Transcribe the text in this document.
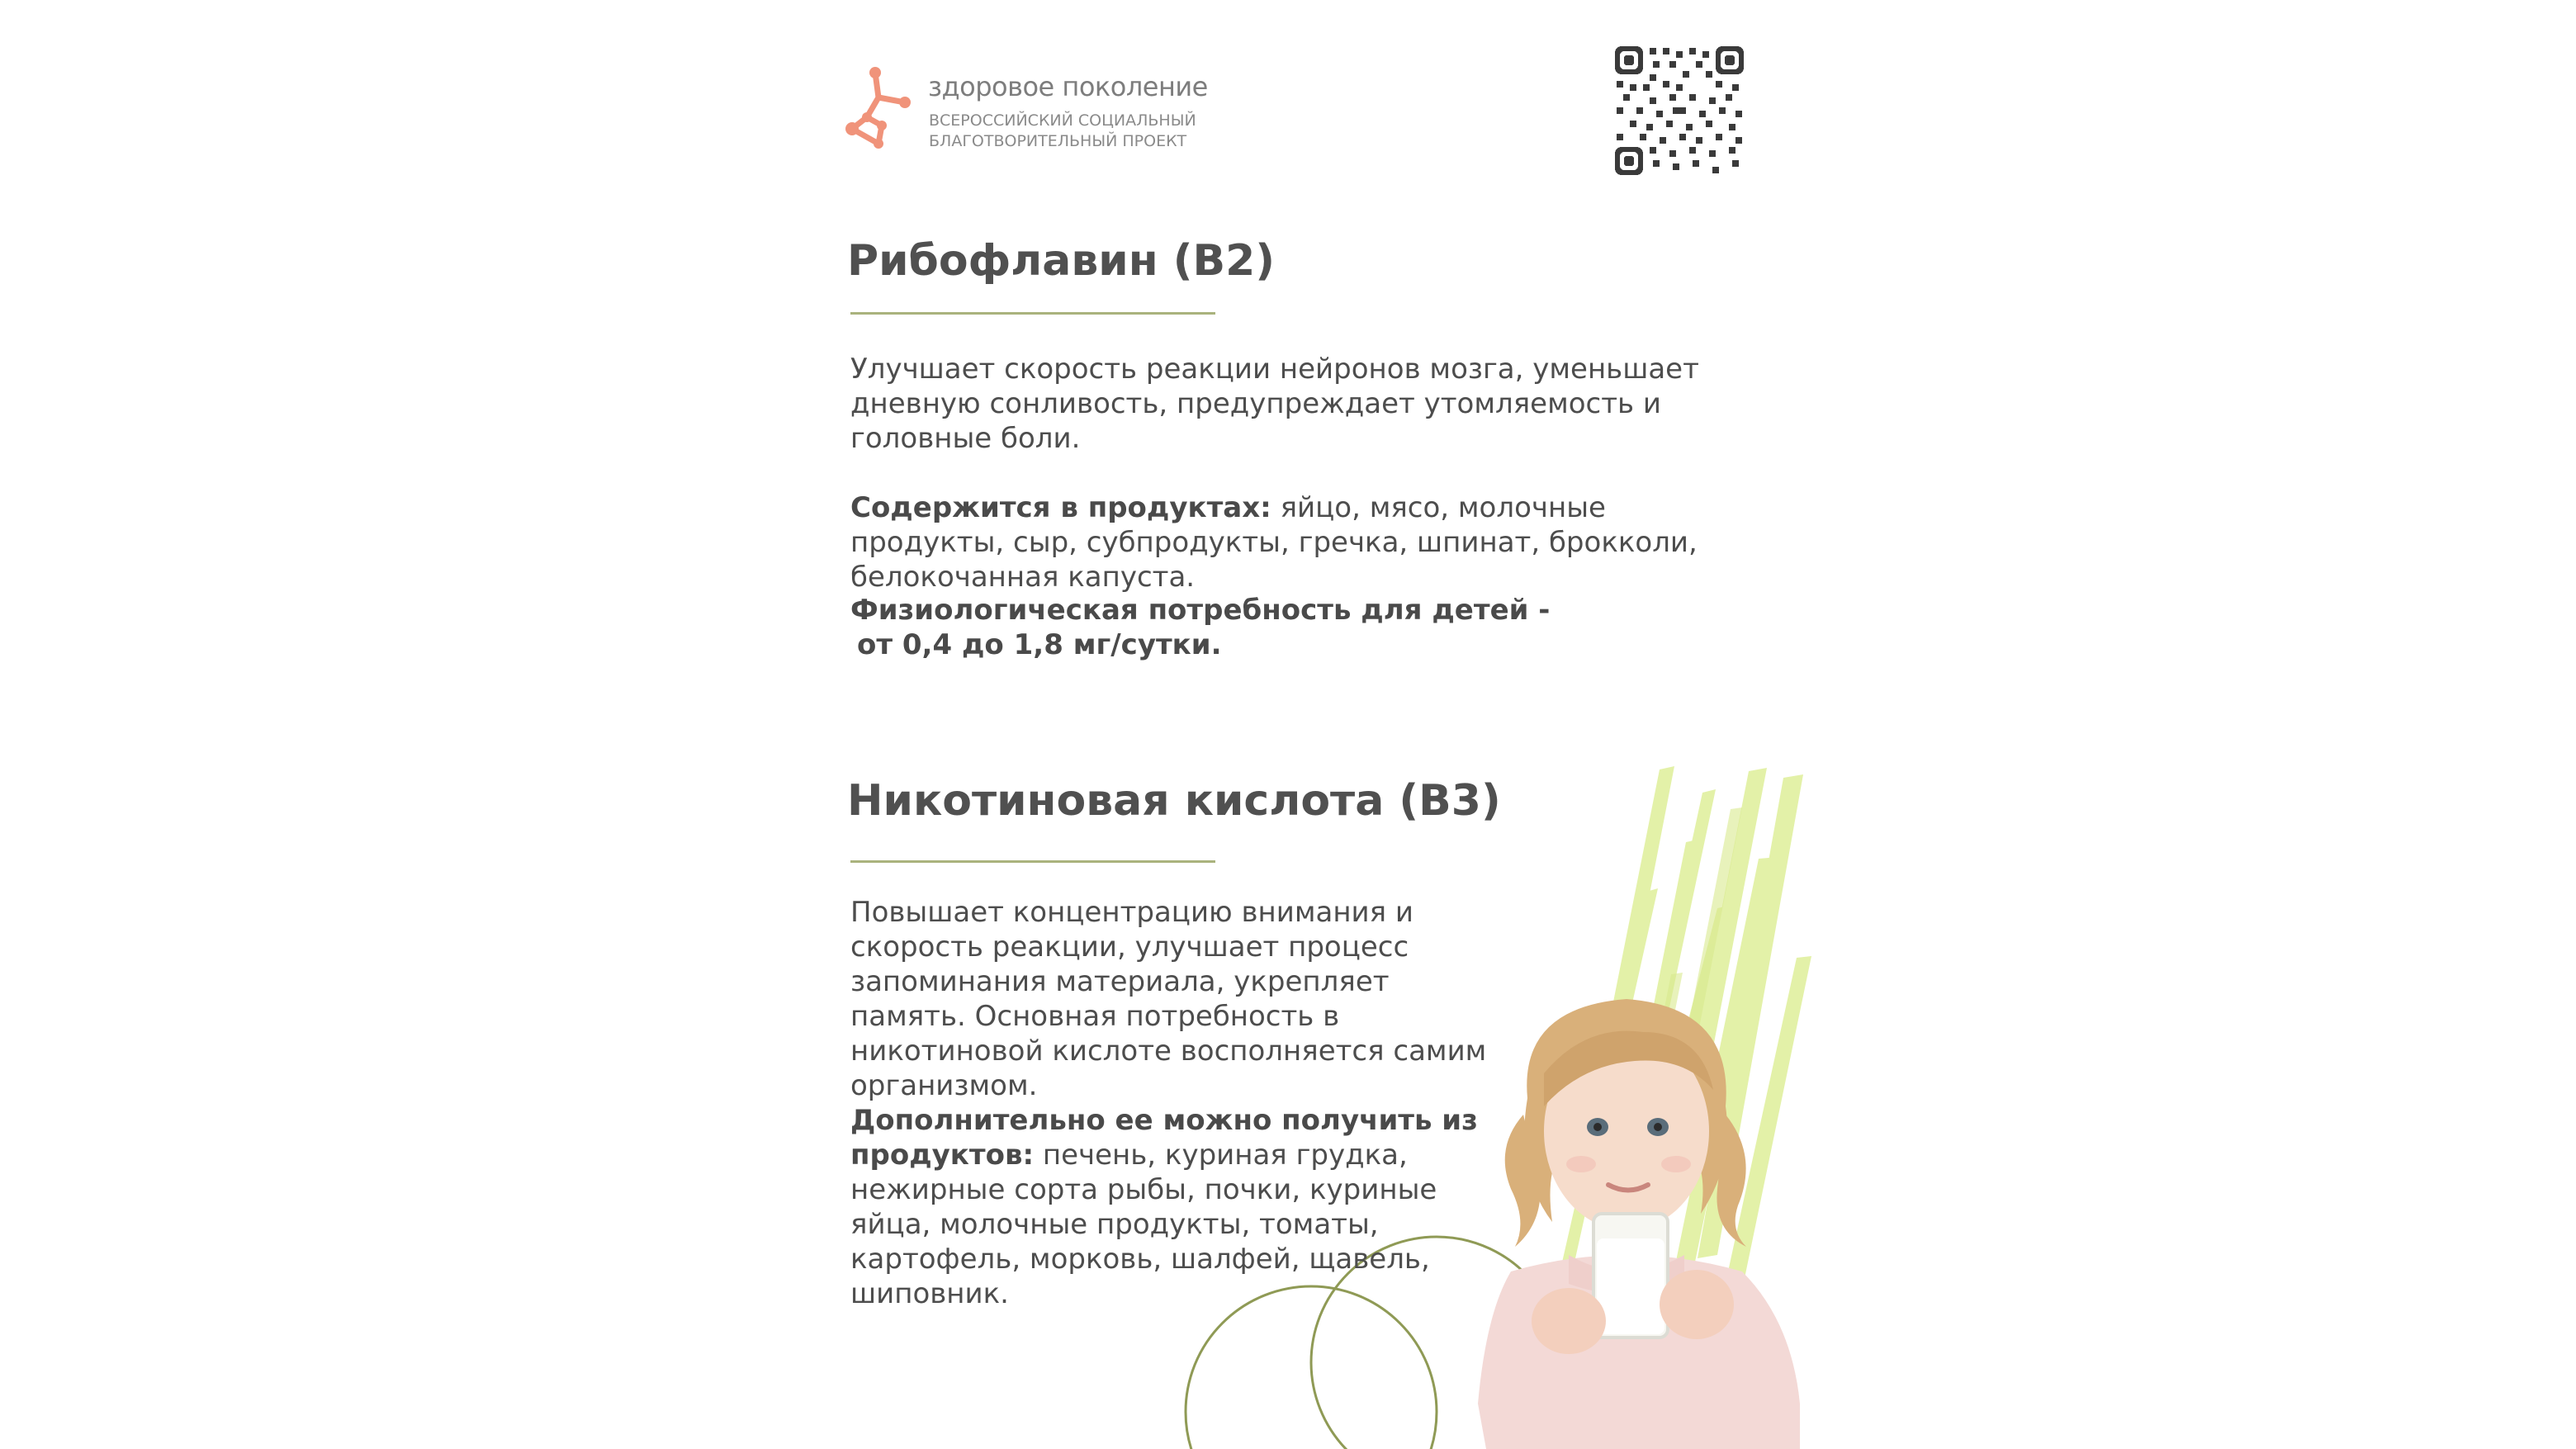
здоровое поколение
ВСЕРОССИЙСКИЙ СОЦИАЛЬНЫЙ
БЛАГОТВОРИТЕЛЬНЫЙ ПРОЕКТ
Рибофлавин (В2)

Улучшает скорость реакции нейронов мозга, уменьшает дневную сонливость, предупреждает утомляемость и головные боли.

Содержится в продуктах: яйцо, мясо, молочные продукты, сыр, субпродукты, гречка, шпинат, брокколи, белокочанная капуста.

Физиологическая потребность для детей -
от 0,4 до 1,8 мг/сутки.

Никотиновая кислота (В3)

Повышает концентрацию внимания и скорость реакции, улучшает процесс запоминания материала, укрепляет память. Основная потребность в никотиновой кислоте восполняется самим организмом.

Дополнительно ее можно получить из продуктов: печень, куриная грудка, нежирные сорта рыбы, почки, куриные яйца, молочные продукты, томаты, картофель, морковь, шалфей, щавель, шиповник.
